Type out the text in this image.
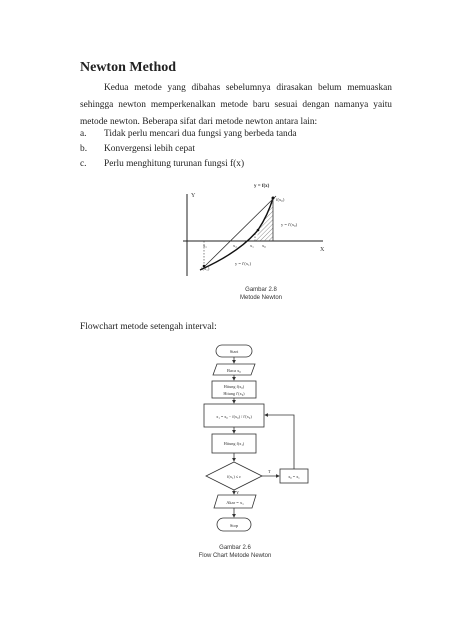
Newton Method

Kedua metode yang dibahas sebelumnya dirasakan belum memuaskan sehingga newton memperkenalkan metode baru sesuai dengan namanya yaitu metode newton. Beberapa sifat dari metode newton antara lain:

a.	Tidak perlu mencari dua fungsi yang berbeda tanda
b.	Konvergensi lebih cepat
c.	Perlu menghitung turunan fungsi f(x)
y = f(x)
Y
X
f(x₀)
y = f'(x₀)
f(x₁)
y = f'(x₁)
x₁	x₂	x₁ x₀
Gambar 2.8
Metode Newton
Flowchart metode setengah interval:
Start
Baca x₀
Hitung f(x₀)
Hitung f'(x₀)
x₁ = x₀ − f(x₀) / f'(x₀)
Hitung f(x₁)
f(x₁) ≤ ε
T
Y
x₀ = x₁
Akar = x₁
Stop
Gambar 2.6
Flow Chart Metode Newton
